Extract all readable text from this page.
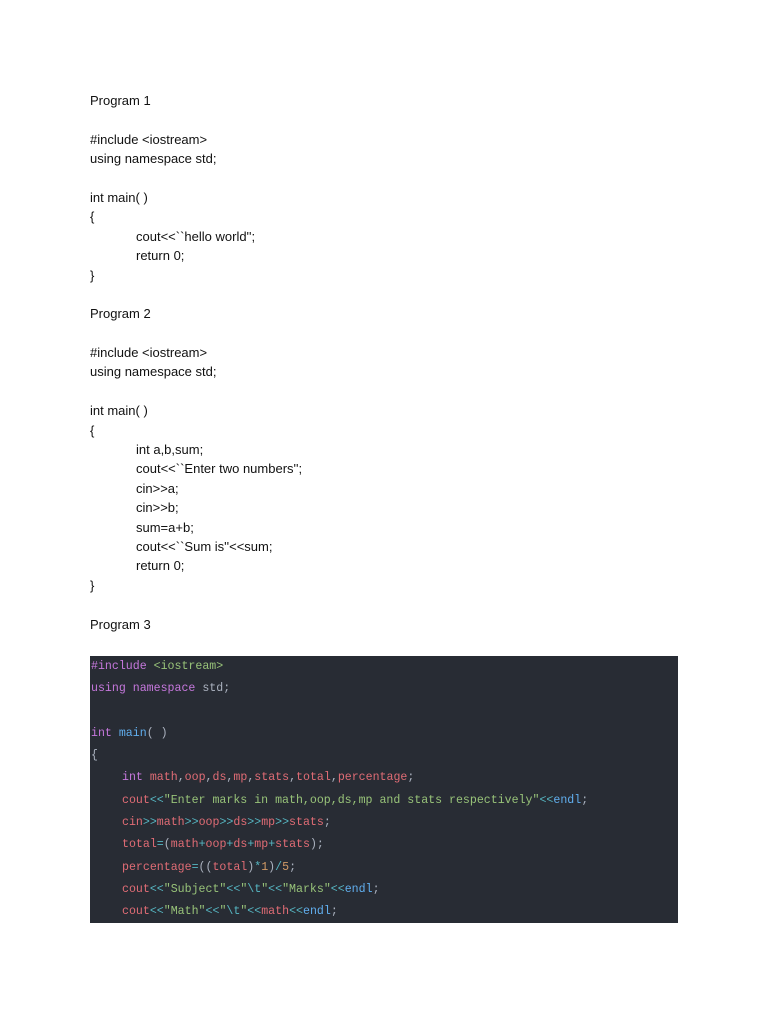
Program 1
#include <iostream>
using namespace std;
int main( )
{
cout<<``hello world'';
return 0;
}
Program 2
#include <iostream>
using namespace std;
int main( )
{
int a,b,sum;
cout<<``Enter two numbers'';
cin>>a;
cin>>b;
sum=a+b;
cout<<``Sum is''<<sum;
return 0;
}
Program 3
#include <iostream>
using namespace std;

int main( )
{
int math,oop,ds,mp,stats,total,percentage;
cout<<"Enter marks in math,oop,ds,mp and stats respectively"<<endl;
cin>>math>>oop>>ds>>mp>>stats;
total=(math+oop+ds+mp+stats);
percentage=((total)*1)/5;
cout<<"Subject"<<"\t"<<"Marks"<<endl;
cout<<"Math"<<"\t"<<math<<endl;
